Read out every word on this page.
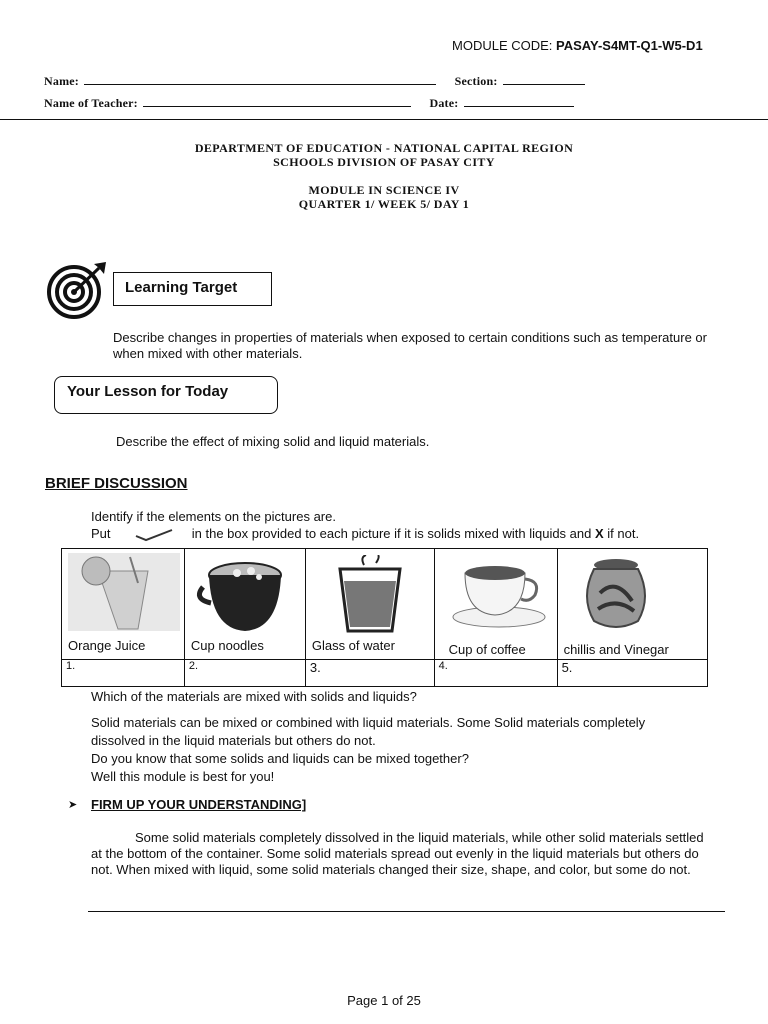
MODULE CODE: PASAY-S4MT-Q1-W5-D1
Name:	Section:
Name of Teacher:	Date:
DEPARTMENT OF EDUCATION - NATIONAL CAPITAL REGION
SCHOOLS DIVISION OF PASAY CITY
MODULE IN SCIENCE IV
QUARTER 1/ WEEK 5/ DAY 1
Learning Target
Describe changes in properties of materials when exposed to certain conditions such as temperature or when mixed with other materials.
Your Lesson for Today
Describe the effect of mixing solid and liquid materials.
BRIEF DISCUSSION
Identify if the elements on the pictures are.
Put	in the box provided to each picture if it is solids mixed with liquids and X if not.
Orange Juice	Cup noodles	Glass of water	Cup of coffee	chillis and Vinegar

1.	2.	3.	4.	5.
Which of the materials are mixed with solids and liquids?
Solid materials can be mixed or combined with liquid materials. Some Solid materials completely dissolved in the liquid materials but others do not.
Do you know that some solids and liquids can be mixed together?
Well this module is best for you!
➤ FIRM UP YOUR UNDERSTANDING]
Some solid materials completely dissolved in the liquid materials, while other solid materials settled at the bottom of the container. Some solid materials spread out evenly in the liquid materials but others do not. When mixed with liquid, some solid materials changed their size, shape, and color, but some do not.
Page 1 of 25
